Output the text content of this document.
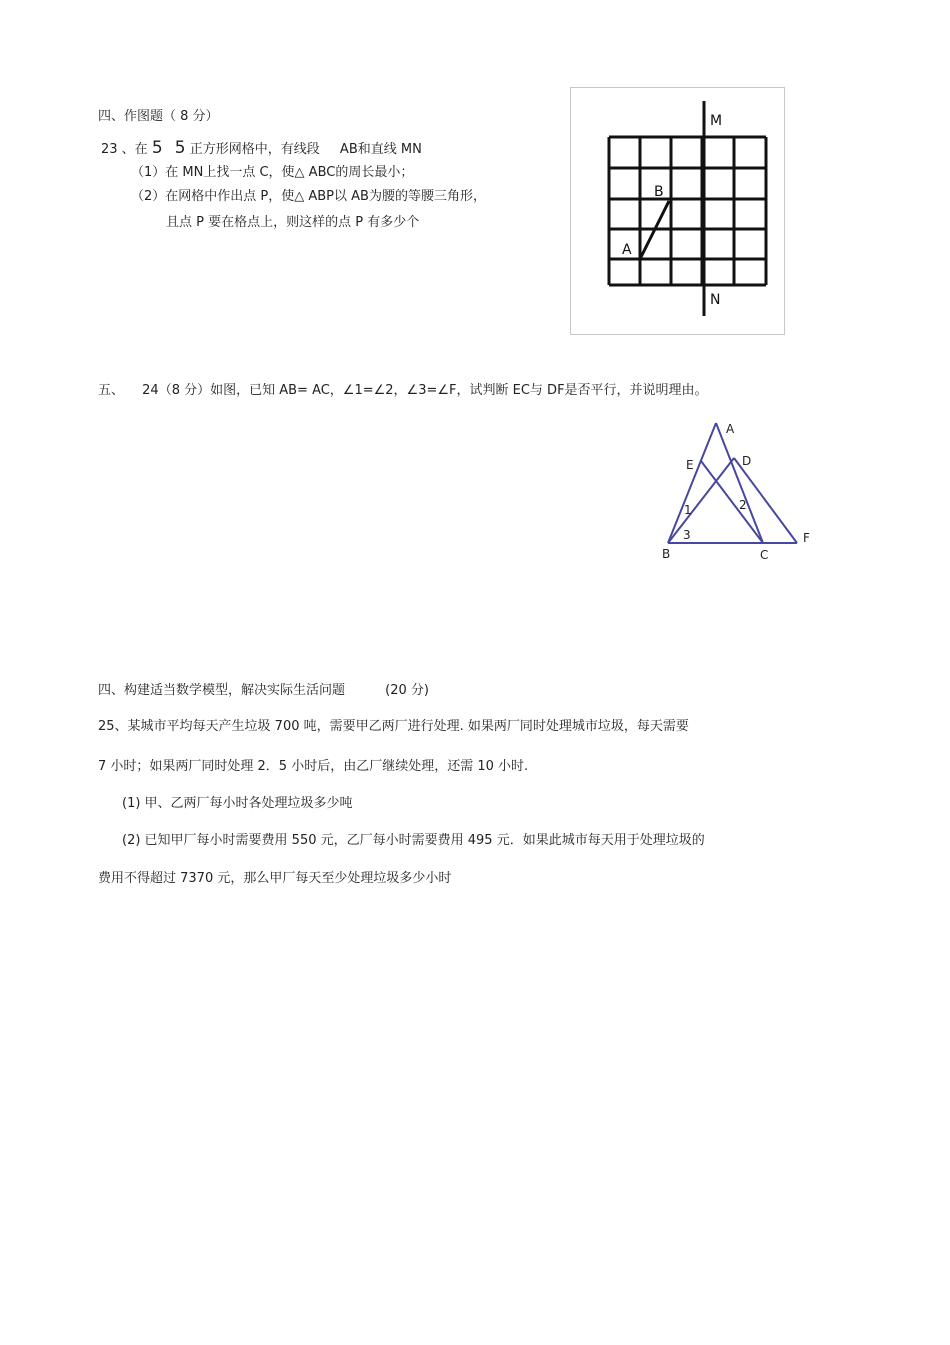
四、作图题（ 8 分）
23 、在 5 5 正方形网格中，有线段 AB和直线 MN
（1）在 MN上找一点 C，使△ ABC的周长最小；
（2）在网格中作出点 P，使△ ABP以 AB为腰的等腰三角形，
且点 P 要在格点上，则这样的点 P 有多少个
M
N
A
B
五、 24（8 分）如图，已知 AB= AC，∠1=∠2，∠3=∠F，试判断 EC与 DF是否平行，并说明理由。
A
E	D
1	2
3
B	C
F
四、构建适当数学模型，解决实际生活问题	(20 分)
25、某城市平均每天产生垃圾 700 吨，需要甲乙两厂进行处理. 如果两厂同时处理城市垃圾，每天需要
7 小时；如果两厂同时处理 2．5 小时后，由乙厂继续处理，还需 10 小时.
(1) 甲、乙两厂每小时各处理垃圾多少吨
(2) 已知甲厂每小时需要费用 550 元，乙厂每小时需要费用 495 元．如果此城市每天用于处理垃圾的
费用不得超过 7370 元，那么甲厂每天至少处理垃圾多少小时
